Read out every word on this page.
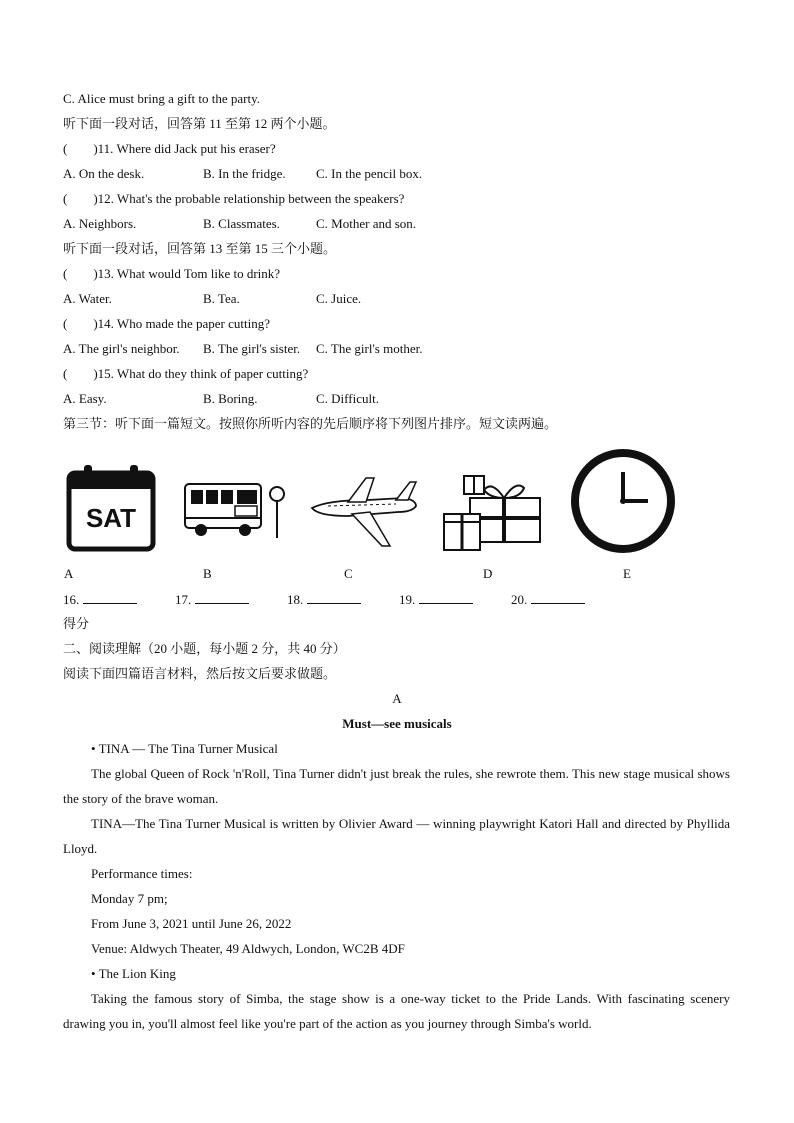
C. Alice must bring a gift to the party.
听下面一段对话，回答第 11 至第 12 两个小题。
(　　)11. Where did Jack put his eraser?
A. On the desk.	B. In the fridge. C. In the pencil box.
(　　)12. What's the probable relationship between the speakers?
A. Neighbors.	B. Classmates.	C. Mother and son.
听下面一段对话，回答第 13 至第 15 三个小题。
(　　)13. What would Tom like to drink?
A. Water.	B. Tea.	C. Juice.
(　　)14. Who made the paper cutting?
A. The girl's neighbor. B. The girl's sister. C. The girl's mother.
(　　)15. What do they think of paper cutting?
A. Easy.	B. Boring.	C. Difficult.
第三节：听下面一篇短文。按照你所听内容的先后顺序将下列图片排序。短文读两遍。
SAT
A	B	C	D	E
16.	17.	18.	19.	20.
得分
二、阅读理解（20 小题，每小题 2 分，共 40 分）
阅读下面四篇语言材料，然后按文后要求做题。
A
Must—see musicals
• TINA — The Tina Turner Musical
The global Queen of Rock 'n'Roll, Tina Turner didn't just break the rules, she rewrote them. This new stage musical shows the story of the brave woman.
TINA—The Tina Turner Musical is written by Olivier Award — winning playwright Katori Hall and directed by Phyllida Lloyd.
Performance times:
Monday 7 pm;
From June 3, 2021 until June 26, 2022
Venue: Aldwych Theater, 49 Aldwych, London, WC2B 4DF
• The Lion King
Taking the famous story of Simba, the stage show is a one-way ticket to the Pride Lands. With fascinating scenery drawing you in, you'll almost feel like you're part of the action as you journey through Simba's world.
